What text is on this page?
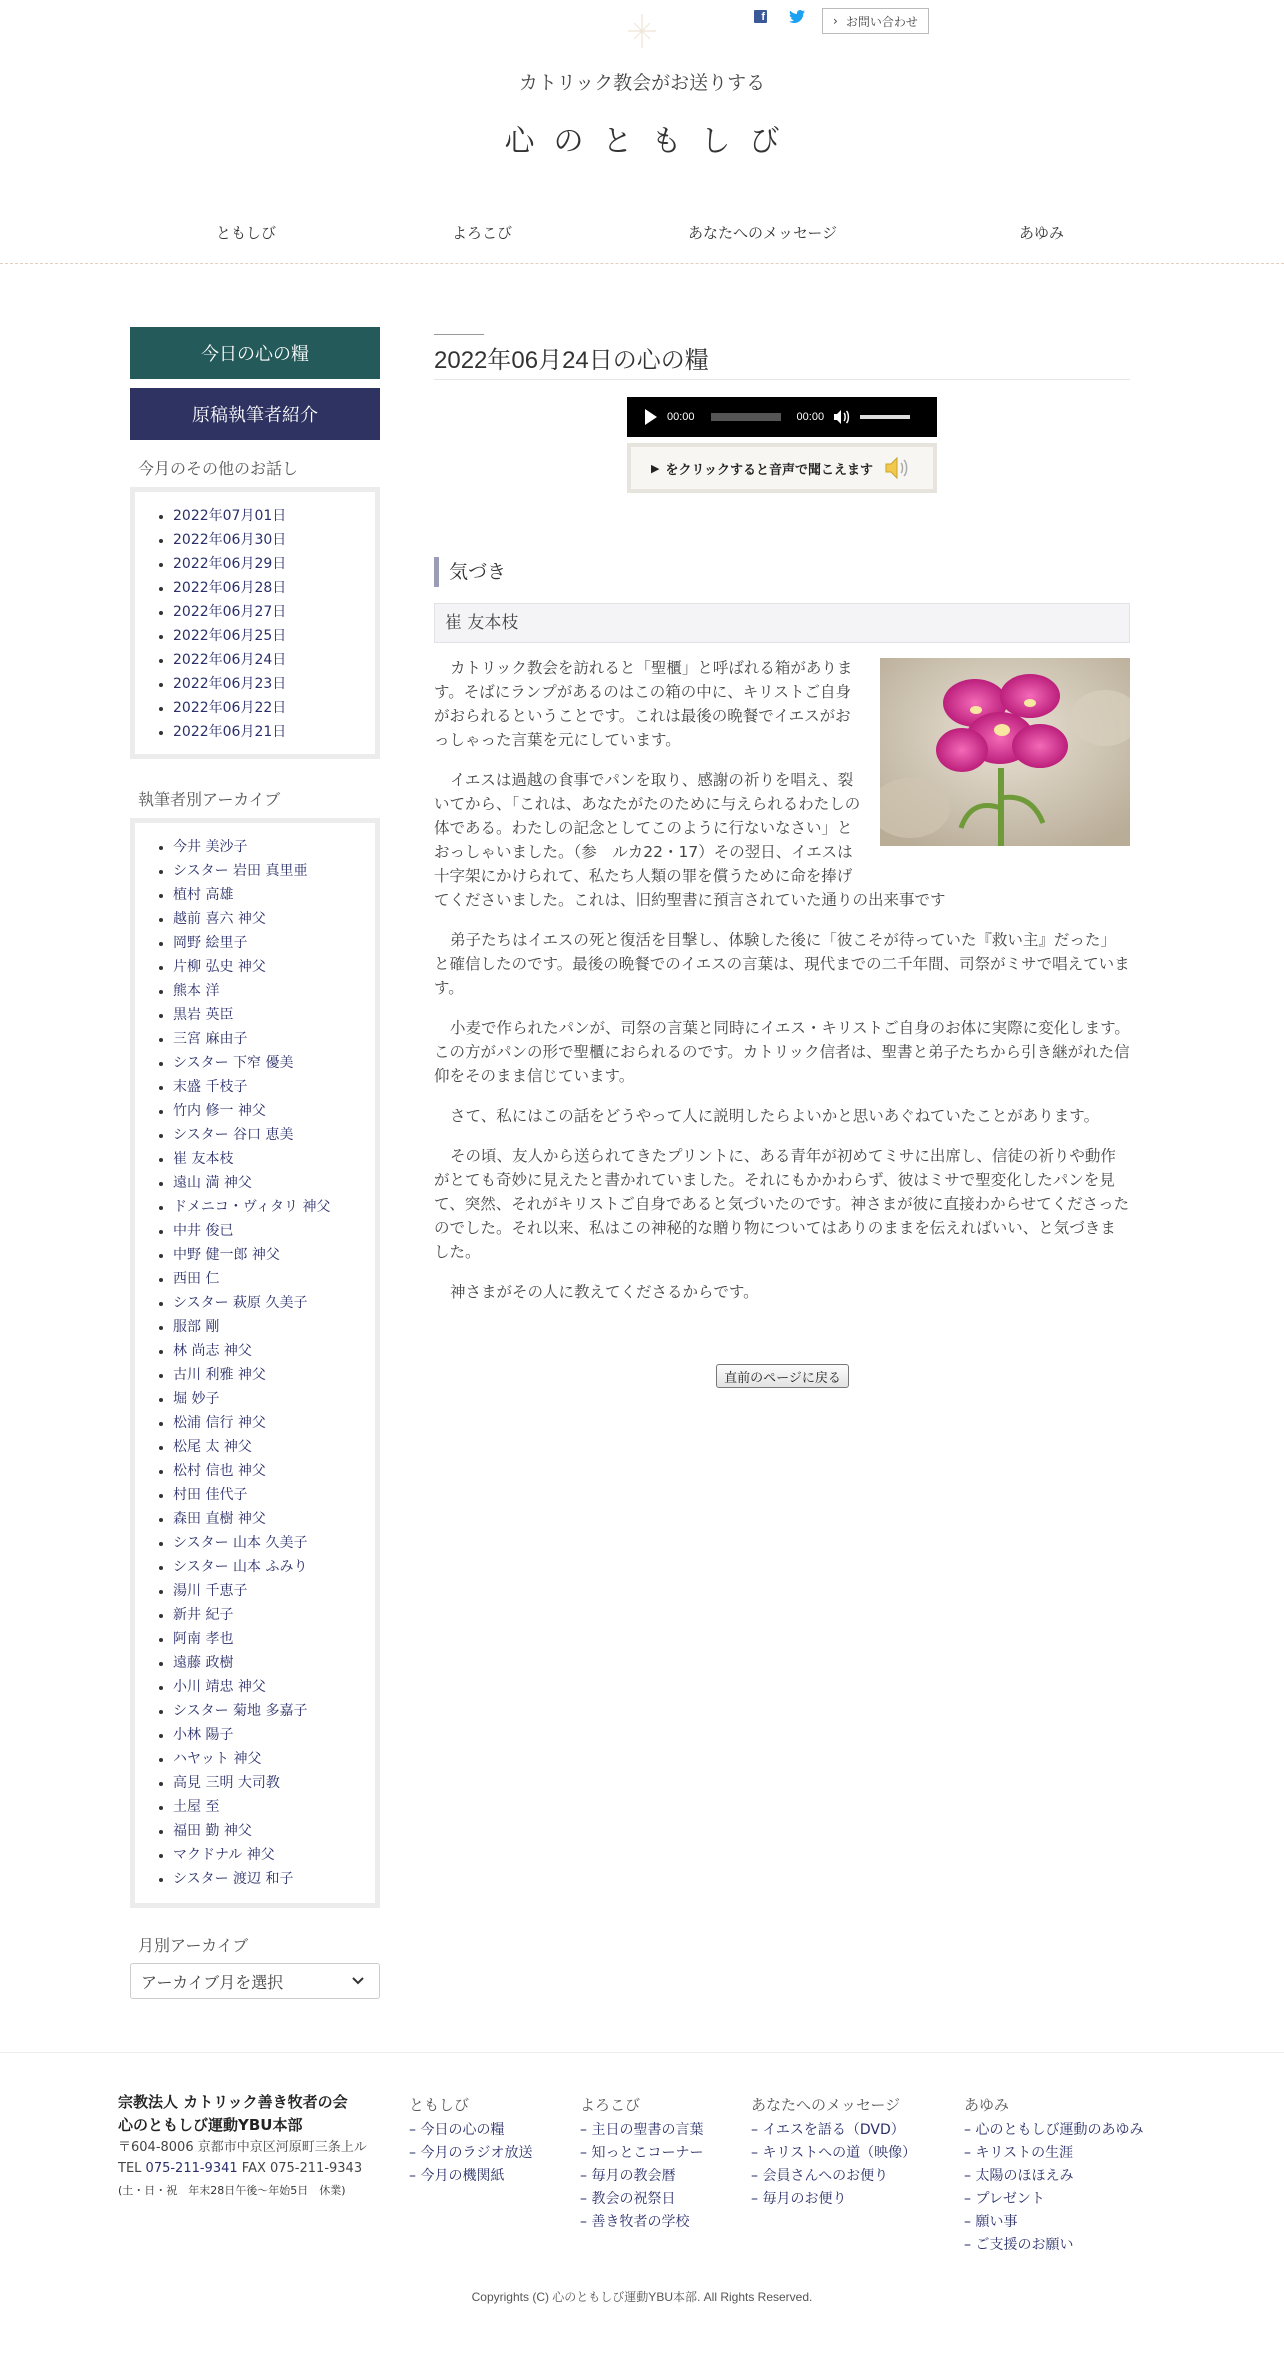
f	› お問い合わせ
カトリック教会がお送りする
心のともしび
ともしび	よろこび	あなたへのメッセージ	あゆみ
今日の心の糧
原稿執筆者紹介
今月のその他のお話し
• 2022年07月01日
• 2022年06月30日
• 2022年06月29日
• 2022年06月28日
• 2022年06月27日
• 2022年06月25日
• 2022年06月24日
• 2022年06月23日
• 2022年06月22日
• 2022年06月21日
執筆者別アーカイブ
• 今井 美沙子
• シスター 岩田 真里亜
• 植村 高雄
• 越前 喜六 神父
• 岡野 絵里子
• 片柳 弘史 神父
• 熊本 洋
• 黒岩 英臣
• 三宮 麻由子
• シスター 下窄 優美
• 末盛 千枝子
• 竹内 修一 神父
• シスター 谷口 恵美
• 崔 友本枝
• 遠山 満 神父
• ドメニコ・ヴィタリ 神父
• 中井 俊已
• 中野 健一郎 神父
• 西田 仁
• シスター 萩原 久美子
• 服部 剛
• 林 尚志 神父
• 古川 利雅 神父
• 堀 妙子
• 松浦 信行 神父
• 松尾 太 神父
• 松村 信也 神父
• 村田 佳代子
• 森田 直樹 神父
• シスター 山本 久美子
• シスター 山本 ふみり
• 湯川 千恵子
• 新井 紀子
• 阿南 孝也
• 遠藤 政樹
• 小川 靖忠 神父
• シスター 菊地 多嘉子
• 小林 陽子
• ハヤット 神父
• 高見 三明 大司教
• 土屋 至
• 福田 勤 神父
• マクドナル 神父
• シスター 渡辺 和子
月別アーカイブ
アーカイブ月を選択
2022年06月24日の心の糧
00:00	00:00
▶ をクリックすると音声で聞こえます
気づき
崔 友本枝

カトリック教会を訪れると「聖櫃」と呼ばれる箱があります。そばにランプがあるのはこの箱の中に、キリストご自身がおられるということです。これは最後の晩餐でイエスがおっしゃった言葉を元にしています。

イエスは過越の食事でパンを取り、感謝の祈りを唱え、裂いてから、「これは、あなたがたのために与えられるわたしの体である。わたしの記念としてこのように行ないなさい」とおっしゃいました。（参　ルカ22・17）その翌日、イエスは十字架にかけられて、私たち人類の罪を償うために命を捧げてくださいました。これは、旧約聖書に預言されていた通りの出来事です

弟子たちはイエスの死と復活を目撃し、体験した後に「彼こそが待っていた『救い主』だった」と確信したのです。最後の晩餐でのイエスの言葉は、現代までの二千年間、司祭がミサで唱えています。

小麦で作られたパンが、司祭の言葉と同時にイエス・キリストご自身のお体に実際に変化します。この方がパンの形で聖櫃におられるのです。カトリック信者は、聖書と弟子たちから引き継がれた信仰をそのまま信じています。

さて、私にはこの話をどうやって人に説明したらよいかと思いあぐねていたことがあります。

その頃、友人から送られてきたプリントに、ある青年が初めてミサに出席し、信徒の祈りや動作がとても奇妙に見えたと書かれていました。それにもかかわらず、彼はミサで聖変化したパンを見て、突然、それがキリストご自身であると気づいたのです。神さまが彼に直接わからせてくださったのでした。それ以来、私はこの神秘的な贈り物についてはありのままを伝えればいい、と気づきました。

神さまがその人に教えてくださるからです。

直前のページに戻る
宗教法人 カトリック善き牧者の会
心のともしび運動YBU本部
〒604-8006 京都市中京区河原町三条上ル
TEL 075-211-9341 FAX 075-211-9343
(土・日・祝　年末28日午後〜年始5日　休業)
ともしび
– 今日の心の糧
– 今月のラジオ放送
– 今月の機関紙
よろこび
– 主日の聖書の言葉
– 知っとこコーナー
– 毎月の教会暦
– 教会の祝祭日
– 善き牧者の学校
あなたへのメッセージ
– イエスを語る（DVD）
– キリストへの道（映像）
– 会員さんへのお便り
– 毎月のお便り
あゆみ
– 心のともしび運動のあゆみ
– キリストの生涯
– 太陽のほほえみ
– プレゼント
– 願い事
– ご支援のお願い
Copyrights (C) 心のともしび運動YBU本部. All Rights Reserved.
